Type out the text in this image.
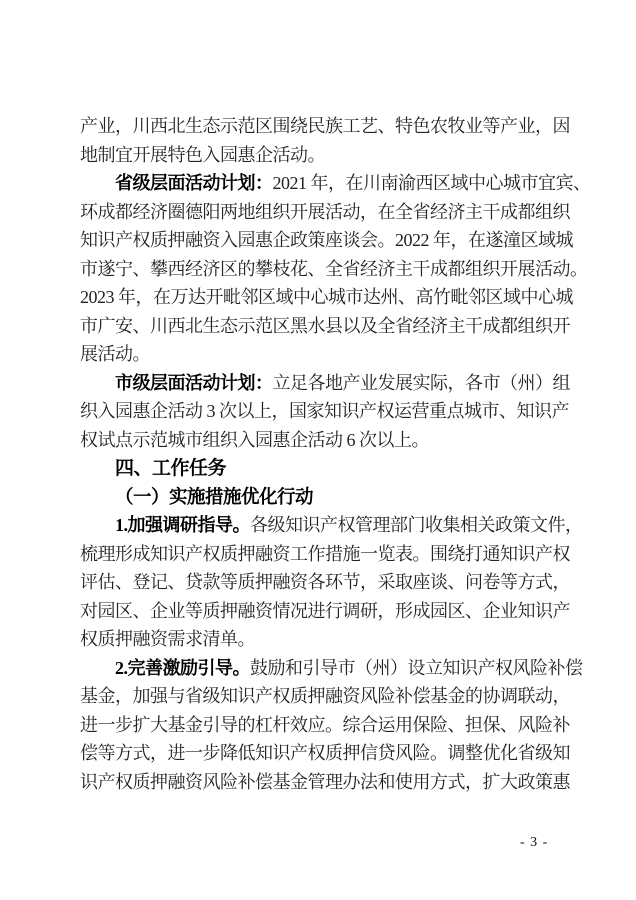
产业，川西北生态示范区围绕民族工艺、特色农牧业等产业，因
地制宜开展特色入园惠企活动。
省级层面活动计划：2021 年，在川南渝西区域中心城市宜宾、
环成都经济圈德阳两地组织开展活动，在全省经济主干成都组织
知识产权质押融资入园惠企政策座谈会。2022 年，在遂潼区域城
市遂宁、攀西经济区的攀枝花、全省经济主干成都组织开展活动。
2023 年，在万达开毗邻区域中心城市达州、高竹毗邻区域中心城
市广安、川西北生态示范区黑水县以及全省经济主干成都组织开
展活动。
市级层面活动计划：立足各地产业发展实际，各市（州）组
织入园惠企活动 3 次以上，国家知识产权运营重点城市、知识产
权试点示范城市组织入园惠企活动 6 次以上。
四、工作任务
（一）实施措施优化行动
1.加强调研指导。各级知识产权管理部门收集相关政策文件，
梳理形成知识产权质押融资工作措施一览表。围绕打通知识产权
评估、登记、贷款等质押融资各环节，采取座谈、问卷等方式，
对园区、企业等质押融资情况进行调研，形成园区、企业知识产
权质押融资需求清单。
2.完善激励引导。鼓励和引导市（州）设立知识产权风险补偿
基金，加强与省级知识产权质押融资风险补偿基金的协调联动，
进一步扩大基金引导的杠杆效应。综合运用保险、担保、风险补
偿等方式，进一步降低知识产权质押信贷风险。调整优化省级知
识产权质押融资风险补偿基金管理办法和使用方式，扩大政策惠
- 3 -
